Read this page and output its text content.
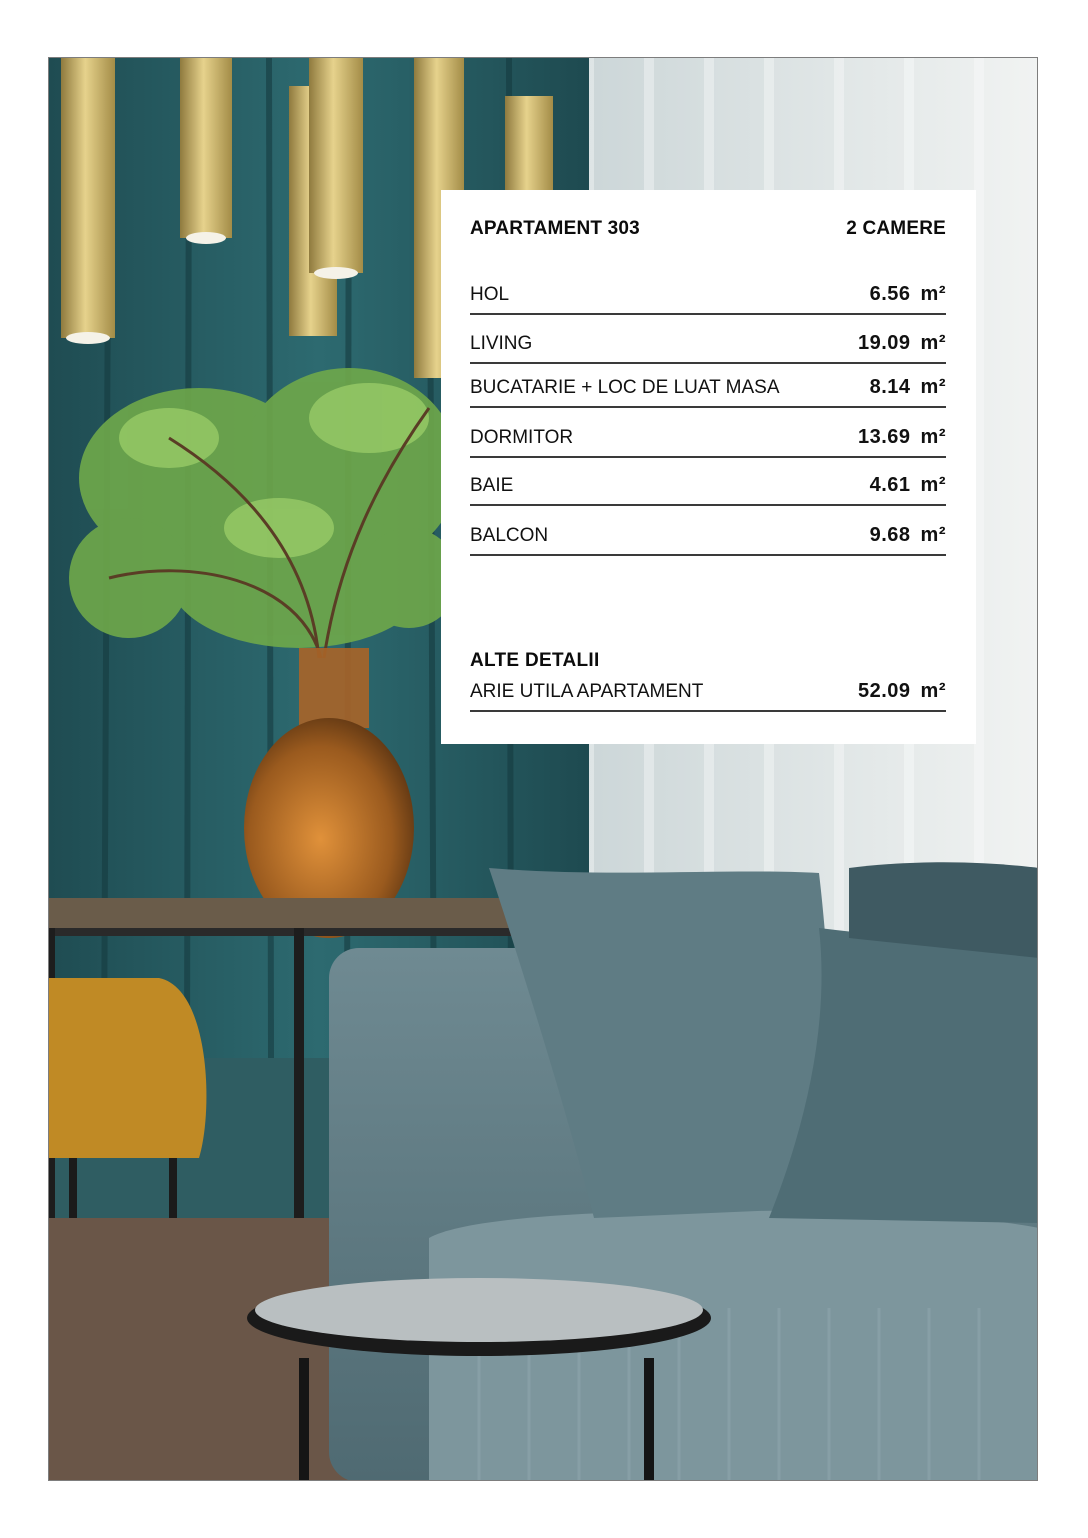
APARTAMENT 303	2 CAMERE
HOL	6.56 m²
LIVING	19.09 m²
BUCATARIE + LOC DE LUAT MASA	8.14 m²
DORMITOR	13.69 m²
BAIE	4.61 m²
BALCON	9.68 m²
ALTE DETALII
ARIE UTILA APARTAMENT	52.09 m²
